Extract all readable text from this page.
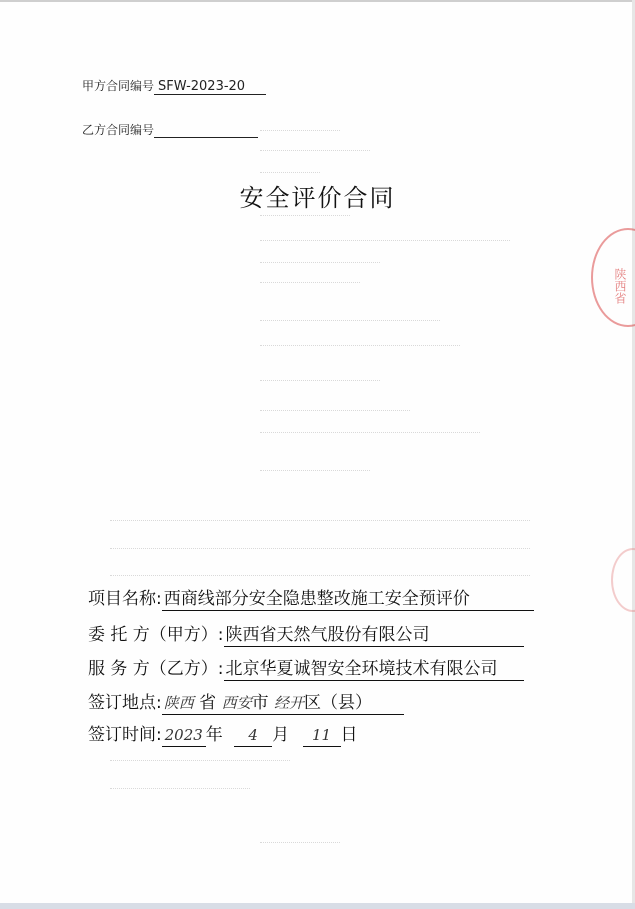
陕西省
甲方合同编号 SFW-2023-20
乙方合同编号
安全评价合同
项目名称: 西商线部分安全隐患整改施工安全预评价
委 托 方（甲方）: 陕西省天然气股份有限公司
服 务 方（乙方）: 北京华夏诚智安全环境技术有限公司
签订地点: 陕西 省 西安市 经开区（县）
签订时间: 2023 年 4 月 11 日
